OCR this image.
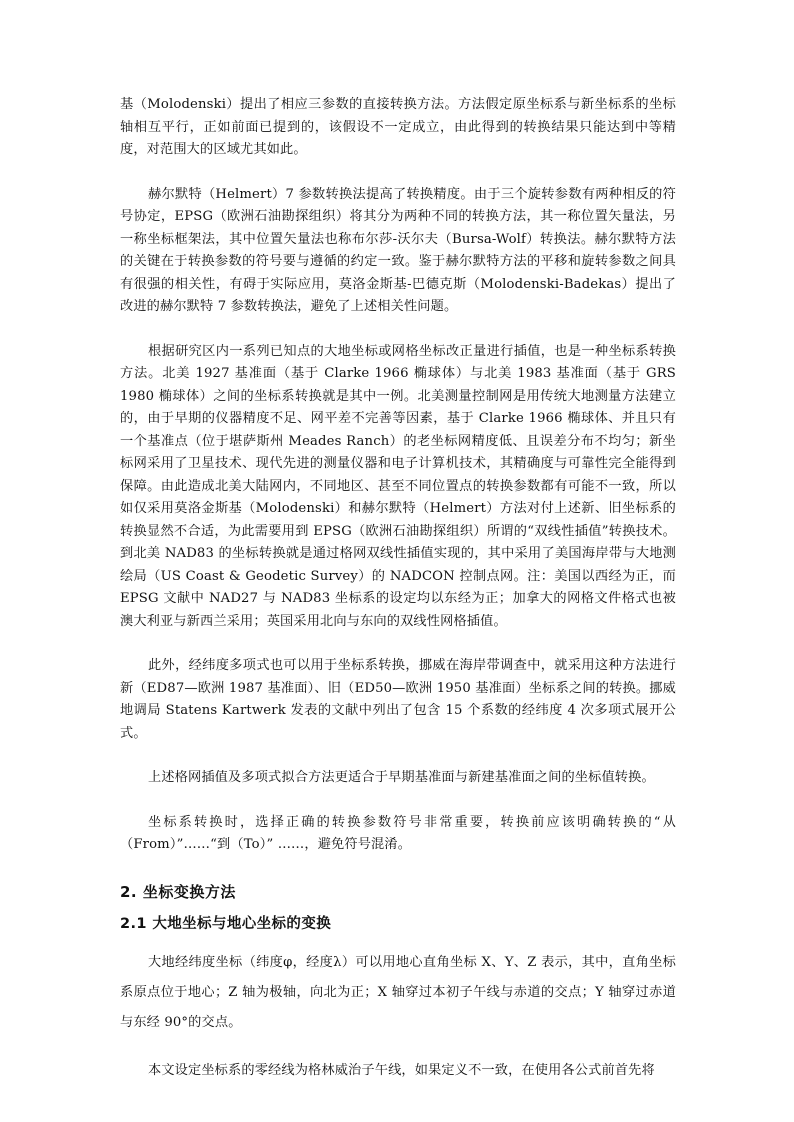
基（Molodenski）提出了相应三参数的直接转换方法。方法假定原坐标系与新坐标系的坐标轴相互平行，正如前面已提到的，该假设不一定成立，由此得到的转换结果只能达到中等精度，对范围大的区域尤其如此。

赫尔默特（Helmert）7 参数转换法提高了转换精度。由于三个旋转参数有两种相反的符号协定，EPSG（欧洲石油勘探组织）将其分为两种不同的转换方法，其一称位置矢量法，另一称坐标框架法，其中位置矢量法也称布尔莎-沃尔夫（Bursa-Wolf）转换法。赫尔默特方法的关键在于转换参数的符号要与遵循的约定一致。鉴于赫尔默特方法的平移和旋转参数之间具有很强的相关性，有碍于实际应用，莫洛金斯基-巴德克斯（Molodenski-Badekas）提出了改进的赫尔默特 7 参数转换法，避免了上述相关性问题。

根据研究区内一系列已知点的大地坐标或网格坐标改正量进行插值，也是一种坐标系转换方法。北美 1927 基准面（基于 Clarke 1966 椭球体）与北美 1983 基准面（基于 GRS 1980 椭球体）之间的坐标系转换就是其中一例。北美测量控制网是用传统大地测量方法建立的，由于早期的仪器精度不足、网平差不完善等因素，基于 Clarke 1966 椭球体、并且只有一个基准点（位于堪萨斯州 Meades Ranch）的老坐标网精度低、且误差分布不均匀；新坐标网采用了卫星技术、现代先进的测量仪器和电子计算机技术，其精确度与可靠性完全能得到保障。由此造成北美大陆网内，不同地区、甚至不同位置点的转换参数都有可能不一致，所以如仅采用莫洛金斯基（Molodenski）和赫尔默特（Helmert）方法对付上述新、旧坐标系的转换显然不合适，为此需要用到 EPSG（欧洲石油勘探组织）所谓的“双线性插值”转换技术。到北美 NAD83 的坐标转换就是通过格网双线性插值实现的，其中采用了美国海岸带与大地测绘局（US Coast & Geodetic Survey）的 NADCON 控制点网。注：美国以西经为正，而 EPSG 文献中 NAD27 与 NAD83 坐标系的设定均以东经为正；加拿大的网格文件格式也被澳大利亚与新西兰采用；英国采用北向与东向的双线性网格插值。

此外，经纬度多项式也可以用于坐标系转换，挪威在海岸带调查中，就采用这种方法进行新（ED87—欧洲 1987 基准面）、旧（ED50—欧洲 1950 基准面）坐标系之间的转换。挪威地调局 Statens Kartwerk 发表的文献中列出了包含 15 个系数的经纬度 4 次多项式展开公式。

上述格网插值及多项式拟合方法更适合于早期基准面与新建基准面之间的坐标值转换。

坐标系转换时，选择正确的转换参数符号非常重要，转换前应该明确转换的“从（From）”……“到（To）” ……，避免符号混淆。

2. 坐标变换方法
2.1 大地坐标与地心坐标的变换

大地经纬度坐标（纬度φ，经度λ）可以用地心直角坐标 X、Y、Z 表示，其中，直角坐标系原点位于地心；Z 轴为极轴，向北为正；X 轴穿过本初子午线与赤道的交点；Y 轴穿过赤道与东经 90°的交点。

本文设定坐标系的零经线为格林威治子午线，如果定义不一致，在使用各公式前首先将
